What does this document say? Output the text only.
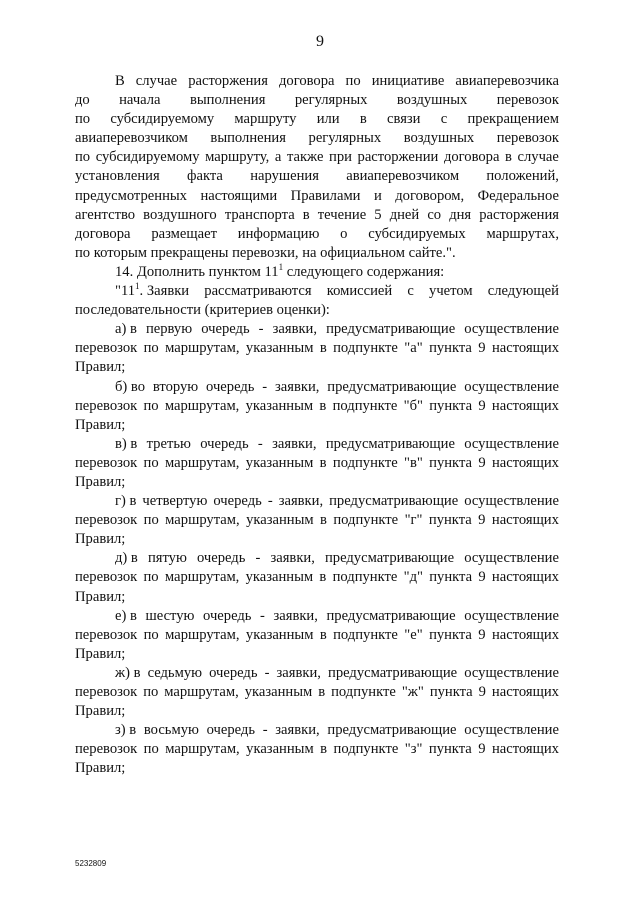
9
В случае расторжения договора по инициативе авиаперевозчика
до начала выполнения регулярных воздушных перевозок
по субсидируемому маршруту или в связи с прекращением
авиаперевозчиком выполнения регулярных воздушных перевозок
по субсидируемому маршруту, а также при расторжении договора в случае
установления факта нарушения авиаперевозчиком положений,
предусмотренных настоящими Правилами и договором, Федеральное
агентство воздушного транспорта в течение 5 дней со дня расторжения
договора размещает информацию о субсидируемых маршрутах,
по которым прекращены перевозки, на официальном сайте.".
14. Дополнить пунктом $11^1$ следующего содержания:
"$11^1$. Заявки рассматриваются комиссией с учетом следующей
последовательности (критериев оценки):
а) в первую очередь - заявки, предусматривающие осуществление
перевозок по маршрутам, указанным в подпункте "а" пункта 9 настоящих
Правил;
б) во вторую очередь - заявки, предусматривающие осуществление
перевозок по маршрутам, указанным в подпункте "б" пункта 9 настоящих
Правил;
в) в третью очередь - заявки, предусматривающие осуществление
перевозок по маршрутам, указанным в подпункте "в" пункта 9 настоящих
Правил;
г) в четвертую очередь - заявки, предусматривающие осуществление
перевозок по маршрутам, указанным в подпункте "г" пункта 9 настоящих
Правил;
д) в пятую очередь - заявки, предусматривающие осуществление
перевозок по маршрутам, указанным в подпункте "д" пункта 9 настоящих
Правил;
е) в шестую очередь - заявки, предусматривающие осуществление
перевозок по маршрутам, указанным в подпункте "е" пункта 9 настоящих
Правил;
ж) в седьмую очередь - заявки, предусматривающие осуществление
перевозок по маршрутам, указанным в подпункте "ж" пункта 9 настоящих
Правил;
з) в восьмую очередь - заявки, предусматривающие осуществление
перевозок по маршрутам, указанным в подпункте "з" пункта 9 настоящих
Правил;
5232809
